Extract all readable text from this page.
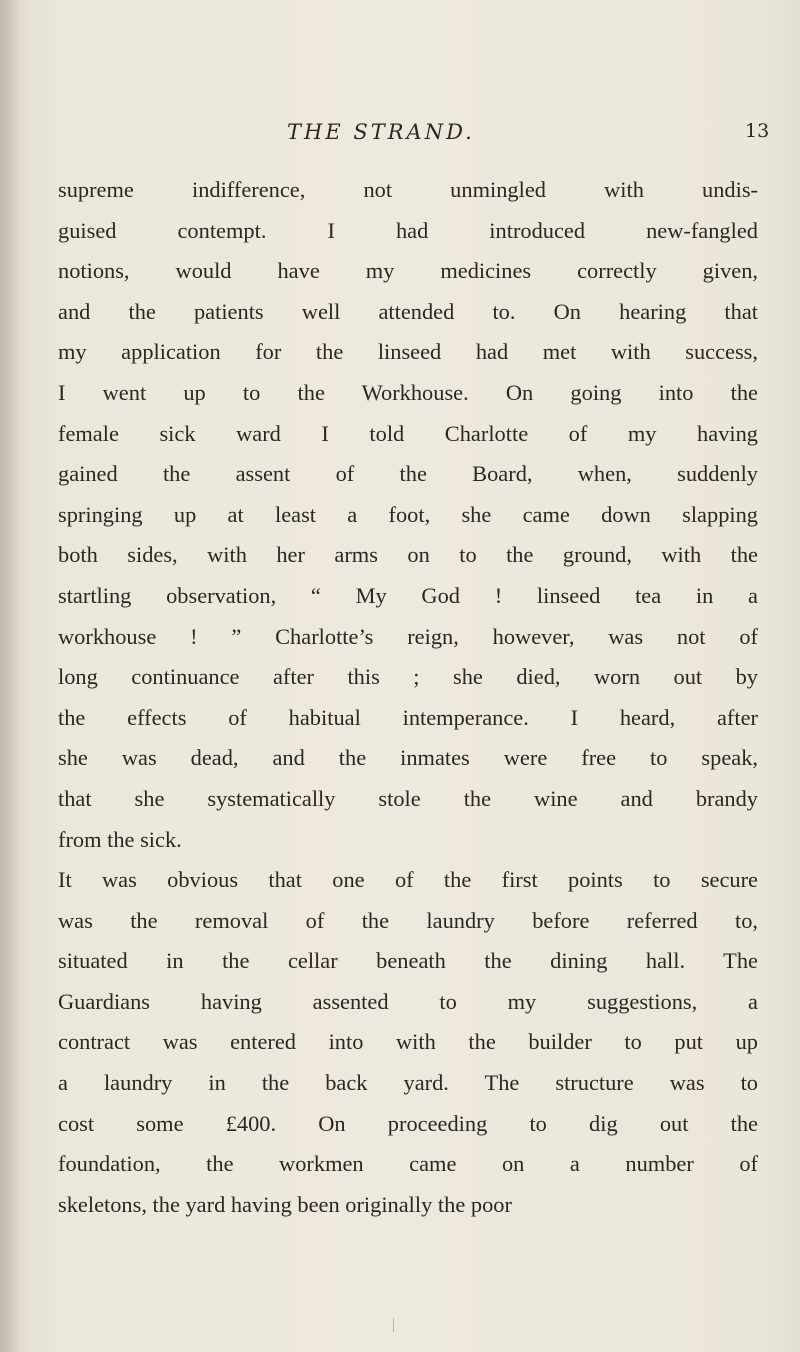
THE STRAND.	13
supreme indifference, not unmingled with undis-
guised contempt. I had introduced new-fangled
notions, would have my medicines correctly given,
and the patients well attended to. On hearing that
my application for the linseed had met with success,
I went up to the Workhouse. On going into the
female sick ward I told Charlotte of my having
gained the assent of the Board, when, suddenly
springing up at least a foot, she came down slapping
both sides, with her arms on to the ground, with the
startling observation, “ My God ! linseed tea in a
workhouse ! ” Charlotte’s reign, however, was not of
long continuance after this ; she died, worn out by
the effects of habitual intemperance. I heard, after
she was dead, and the inmates were free to speak,
that she systematically stole the wine and brandy
from the sick.
It was obvious that one of the first points to secure
was the removal of the laundry before referred to,
situated in the cellar beneath the dining hall. The
Guardians having assented to my suggestions, a
contract was entered into with the builder to put up
a laundry in the back yard. The structure was to
cost some £400. On proceeding to dig out the
foundation, the workmen came on a number of
skeletons, the yard having been originally the poor
